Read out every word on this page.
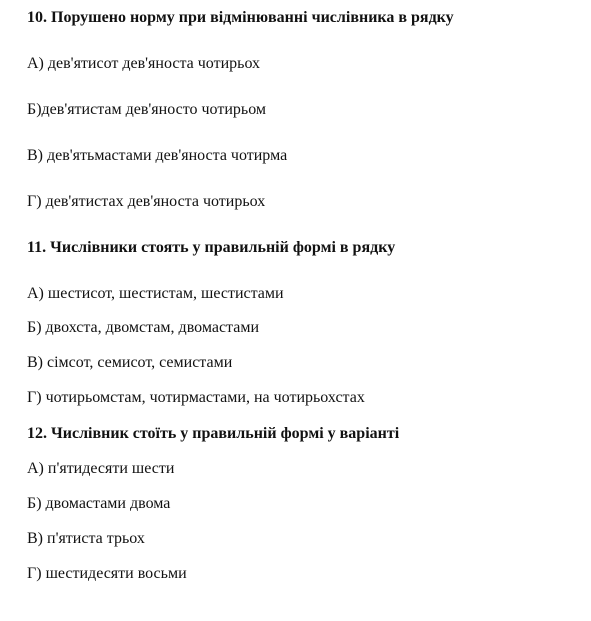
10. Порушено норму при відмінюванні числівника в рядку
А) дев'ятисот дев'яноста чотирьох
Б)дев'ятистам дев'яносто чотирьом
В) дев'ятьмастами дев'яноста чотирма
Г) дев'ятистах дев'яноста чотирьох
11. Числівники стоять у правильній формі в рядку
А) шестисот, шестистам, шестистами
Б) двохста, двомстам, двомастами
В) сімсот, семисот, семистами
Г) чотирьомстам, чотирмастами, на чотирьохстах
12. Числівник стоїть у правильній формі у варіанті
А) п'ятидесяти шести
Б) двомастами двома
В) п'ятиста трьох
Г) шестидесяти восьми
